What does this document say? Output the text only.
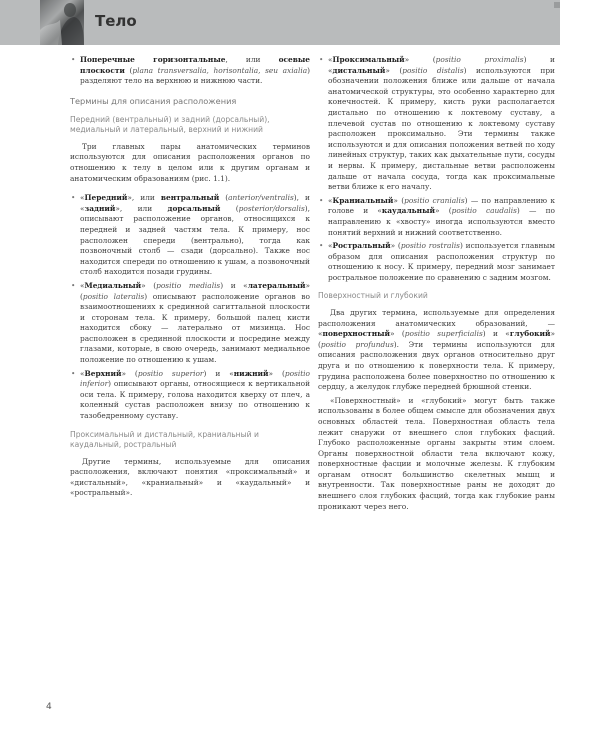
Тело
• Поперечные горизонтальные, или осевые плоскости (plana transversalia, horisontalia, seu axialia) разделяют тело на верхнюю и нижнюю части.
Термины для описания расположения
Передний (вентральный) и задний (дорсальный), медиальный и латеральный, верхний и нижний

Три главных пары анатомических терминов используются для описания расположения органов по отношению к телу в целом или к другим органам и анатомическим образованиям (рис. 1.1).

• «Передний», или вентральный (anterior/ventralis), и «задний», или дорсальный (posterior/dorsalis), описывают расположение органов, относящихся к передней и задней частям тела. К примеру, нос расположен спереди (вентрально), тогда как позвоночный столб — сзади (дорсально). Также нос находится спереди по отношению к ушам, а позвоночный столб находится позади грудины.
• «Медиальный» (positio medialis) и «латеральный» (positio lateralis) описывают расположение органов во взаимоотношениях к срединной сагиттальной плоскости и сторонам тела. К примеру, большой палец кисти находится сбоку — латерально от мизинца. Нос расположен в срединной плоскости и посредине между глазами, которые, в свою очередь, занимают медиальное положение по отношению к ушам.
• «Верхний» (positio superior) и «нижний» (positio inferior) описывают органы, относящиеся к вертикальной оси тела. К примеру, голова находится кверху от плеч, а коленный сустав расположен внизу по отношению к тазобедренному суставу.
Проксимальный и дистальный, краниальный и каудальный, ростральный

Другие термины, используемые для описания расположения, включают понятия «проксимальный» и «дистальный», «краниальный» и «каудальный» и «ростральный».

• «Проксимальный» (positio proximalis) и «дистальный» (positio distalis) используются при обозначении положения ближе или дальше от начала анатомической структуры, это особенно характерно для конечностей. К примеру, кисть руки располагается дистально по отношению к локтевому суставу, а плечевой сустав по отношению к локтевому суставу расположен проксимально. Эти термины также используются и для описания положения ветвей по ходу линейных структур, таких как дыхательные пути, сосуды и нервы. К примеру, дистальные ветви расположены дальше от начала сосуда, тогда как проксимальные ветви ближе к его началу.
• «Краниальный» (positio cranialis) — по направлению к голове и «каудальный» (positio caudalis) — по направлению к «хвосту» иногда используются вместо понятий верхний и нижний соответственно.
• «Ростральный» (positio rostralis) используется главным образом для описания расположения структур по отношению к носу. К примеру, передний мозг занимает ростральное положение по сравнению с задним мозгом.
Поверхностный и глубокий

Два других термина, используемые для определения расположения анатомических образований, — «поверхностный» (positio superficialis) и «глубокий» (positio profundus). Эти термины используются для описания расположения двух органов относительно друг друга и по отношению к поверхности тела. К примеру, грудина расположена более поверхностно по отношению к сердцу, а желудок глубже передней брюшной стенки.

«Поверхностный» и «глубокий» могут быть также использованы в более общем смысле для обозначения двух основных областей тела. Поверхностная область тела лежит снаружи от внешнего слоя глубоких фасций. Глубоко расположенные органы закрыты этим слоем. Органы поверхностной области тела включают кожу, поверхностные фасции и молочные железы. К глубоким органам относят большинство скелетных мышц и внутренности. Так поверхностные раны не доходят до внешнего слоя глубоких фасций, тогда как глубокие раны проникают через него.

4
